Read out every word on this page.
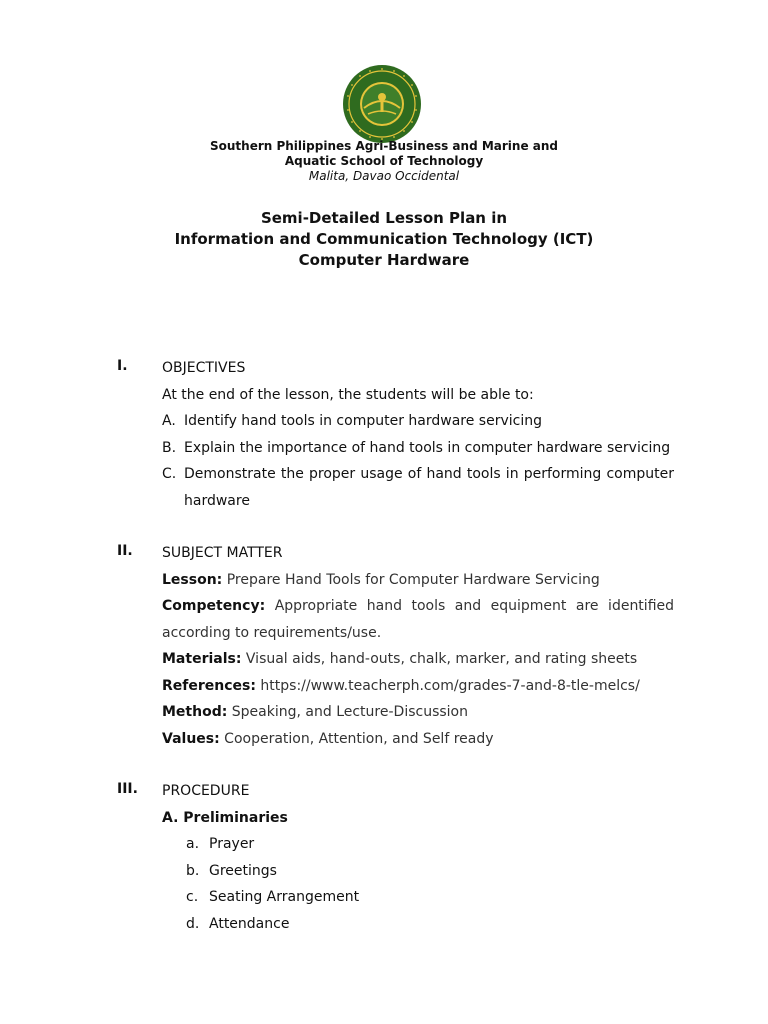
Southern Philippines Agri-Business and Marine and
Aquatic School of Technology
Malita, Davao Occidental
Semi-Detailed Lesson Plan in
Information and Communication Technology (ICT)
Computer Hardware
I. OBJECTIVES
At the end of the lesson, the students will be able to:
A. Identify hand tools in computer hardware servicing
B. Explain the importance of hand tools in computer hardware servicing
C. Demonstrate the proper usage of hand tools in performing computer
hardware
II. SUBJECT MATTER
Lesson: Prepare Hand Tools for Computer Hardware Servicing
Competency: Appropriate hand tools and equipment are identified
according to requirements/use.
Materials: Visual aids, hand-outs, chalk, marker, and rating sheets
References: https://www.teacherph.com/grades-7-and-8-tle-melcs/
Method: Speaking, and Lecture-Discussion
Values: Cooperation, Attention, and Self ready
III. PROCEDURE
A. Preliminaries
a. Prayer
b. Greetings
c. Seating Arrangement
d. Attendance
